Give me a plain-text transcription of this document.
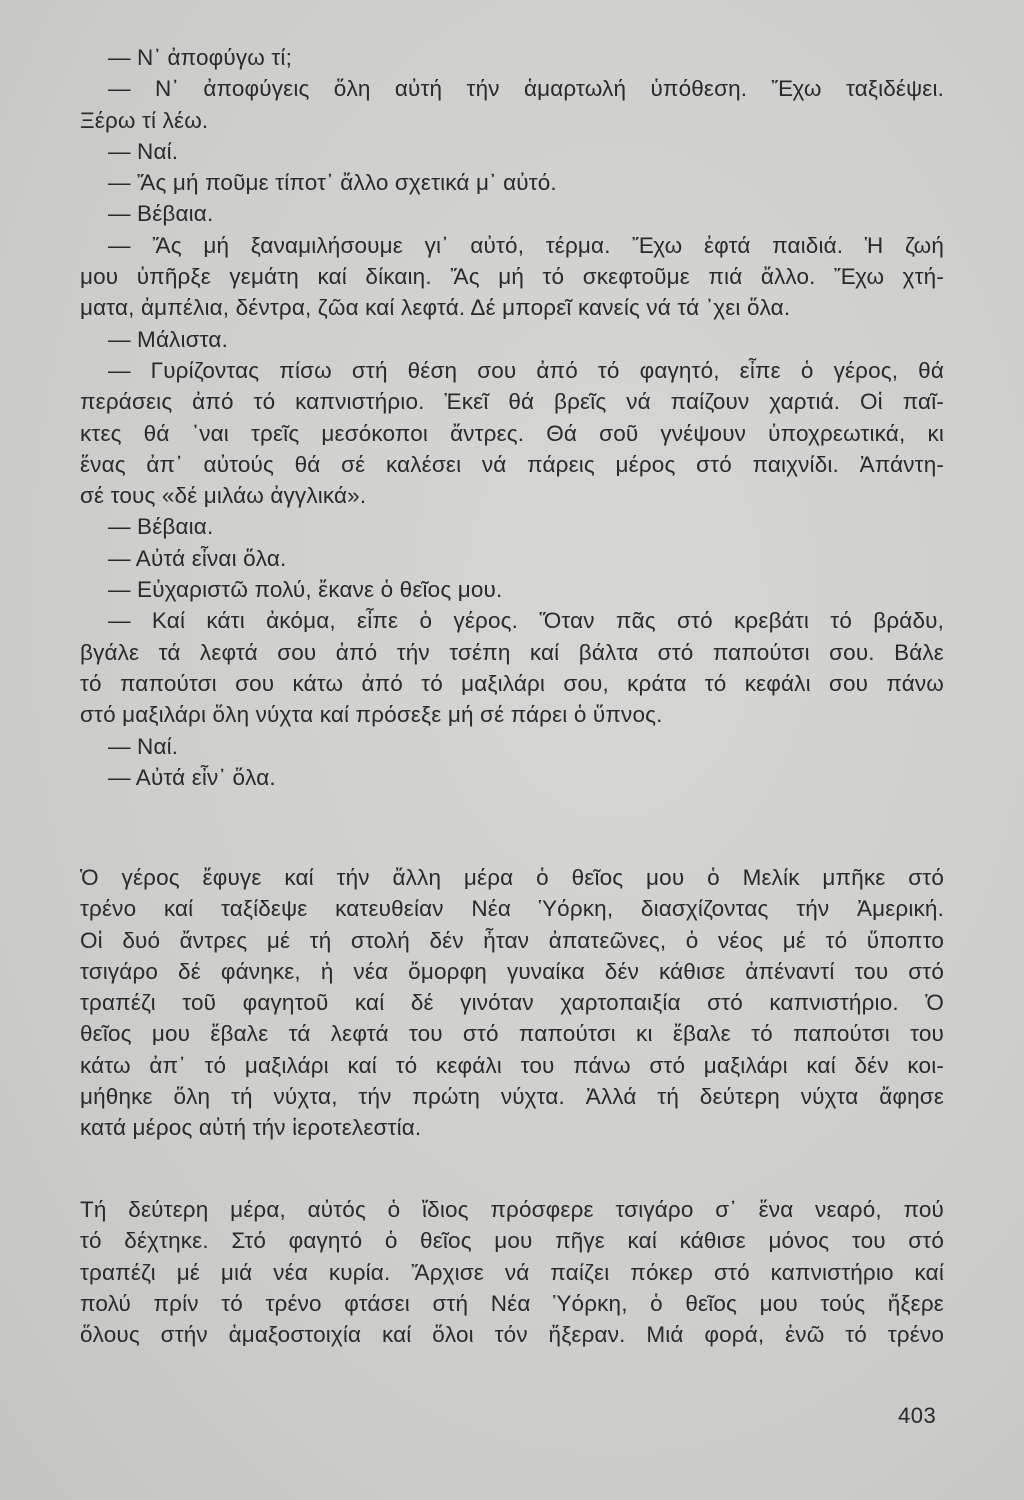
— Ν᾿ ἀποφύγω τί;
— Ν᾿ ἀποφύγεις ὅλη αὐτή τήν ἁμαρτωλή ὑπόθεση. Ἔχω ταξιδέψει.
Ξέρω τί λέω.
— Ναί.
— Ἄς μή ποῦμε τίποτ᾿ ἄλλο σχετικά μ᾿ αὐτό.
— Βέβαια.
— Ἄς μή ξαναμιλήσουμε γι᾿ αὐτό, τέρμα. Ἔχω ἐφτά παιδιά. Ἡ ζωή
μου ὑπῆρξε γεμάτη καί δίκαιη. Ἄς μή τό σκεφτοῦμε πιά ἄλλο. Ἔχω χτή-
ματα, ἀμπέλια, δέντρα, ζῶα καί λεφτά. Δέ μπορεῖ κανείς νά τά ᾿χει ὅλα.
— Μάλιστα.
— Γυρίζοντας πίσω στή θέση σου ἀπό τό φαγητό, εἶπε ὁ γέρος, θά
περάσεις ἀπό τό καπνιστήριο. Ἐκεῖ θά βρεῖς νά παίζουν χαρτιά. Οἱ παῖ-
κτες θά ᾿ναι τρεῖς μεσόκοποι ἄντρες. Θά σοῦ γνέψουν ὑποχρεωτικά, κι
ἕνας ἀπ᾿ αὐτούς θά σέ καλέσει νά πάρεις μέρος στό παιχνίδι. Ἀπάντη-
σέ τους «δέ μιλάω ἀγγλικά».
— Βέβαια.
— Αὐτά εἶναι ὅλα.
— Εὐχαριστῶ πολύ, ἔκανε ὁ θεῖος μου.
— Καί κάτι ἀκόμα, εἶπε ὁ γέρος. Ὅταν πᾶς στό κρεβάτι τό βράδυ,
βγάλε τά λεφτά σου ἀπό τήν τσέπη καί βάλτα στό παπούτσι σου. Βάλε
τό παπούτσι σου κάτω ἀπό τό μαξιλάρι σου, κράτα τό κεφάλι σου πάνω
στό μαξιλάρι ὅλη νύχτα καί πρόσεξε μή σέ πάρει ὁ ὕπνος.
— Ναί.
— Αὐτά εἶν᾿ ὅλα.
Ὁ γέρος ἔφυγε καί τήν ἄλλη μέρα ὁ θεῖος μου ὁ Μελίκ μπῆκε στό
τρένο καί ταξίδεψε κατευθείαν Νέα Ὑόρκη, διασχίζοντας τήν Ἀμερική.
Οἱ δυό ἄντρες μέ τή στολή δέν ἦταν ἀπατεῶνες, ὁ νέος μέ τό ὕποπτο
τσιγάρο δέ φάνηκε, ἡ νέα ὄμορφη γυναίκα δέν κάθισε ἀπέναντί του στό
τραπέζι τοῦ φαγητοῦ καί δέ γινόταν χαρτοπαιξία στό καπνιστήριο. Ὁ
θεῖος μου ἔβαλε τά λεφτά του στό παπούτσι κι ἔβαλε τό παπούτσι του
κάτω ἀπ᾿ τό μαξιλάρι καί τό κεφάλι του πάνω στό μαξιλάρι καί δέν κοι-
μήθηκε ὅλη τή νύχτα, τήν πρώτη νύχτα. Ἀλλά τή δεύτερη νύχτα ἄφησε
κατά μέρος αὐτή τήν ἱεροτελεστία.
Τή δεύτερη μέρα, αὐτός ὁ ἴδιος πρόσφερε τσιγάρο σ᾿ ἕνα νεαρό, πού
τό δέχτηκε. Στό φαγητό ὁ θεῖος μου πῆγε καί κάθισε μόνος του στό
τραπέζι μέ μιά νέα κυρία. Ἄρχισε νά παίζει πόκερ στό καπνιστήριο καί
πολύ πρίν τό τρένο φτάσει στή Νέα Ὑόρκη, ὁ θεῖος μου τούς ἤξερε
ὅλους στήν ἁμαξοστοιχία καί ὅλοι τόν ἤξεραν. Μιά φορά, ἐνῶ τό τρένο
403
